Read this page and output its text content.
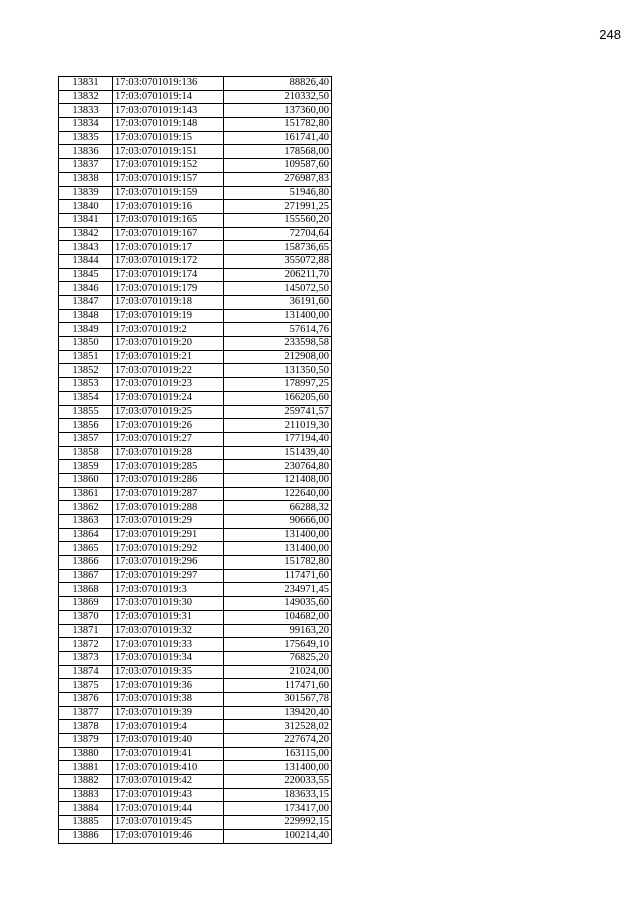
248
13831	17:03:0701019:136	88826,40
13832	17:03:0701019:14	210332,50
13833	17:03:0701019:143	137360,00
13834	17:03:0701019:148	151782,80
13835	17:03:0701019:15	161741,40
13836	17:03:0701019:151	178568,00
13837	17:03:0701019:152	109587,60
13838	17:03:0701019:157	276987,83
13839	17:03:0701019:159	51946,80
13840	17:03:0701019:16	271991,25
13841	17:03:0701019:165	155560,20
13842	17:03:0701019:167	72704,64
13843	17:03:0701019:17	158736,65
13844	17:03:0701019:172	355072,88
13845	17:03:0701019:174	206211,70
13846	17:03:0701019:179	145072,50
13847	17:03:0701019:18	36191,60
13848	17:03:0701019:19	131400,00
13849	17:03:0701019:2	57614,76
13850	17:03:0701019:20	233598,58
13851	17:03:0701019:21	212908,00
13852	17:03:0701019:22	131350,50
13853	17:03:0701019:23	178997,25
13854	17:03:0701019:24	166205,60
13855	17:03:0701019:25	259741,57
13856	17:03:0701019:26	211019,30
13857	17:03:0701019:27	177194,40
13858	17:03:0701019:28	151439,40
13859	17:03:0701019:285	230764,80
13860	17:03:0701019:286	121408,00
13861	17:03:0701019:287	122640,00
13862	17:03:0701019:288	66288,32
13863	17:03:0701019:29	90666,00
13864	17:03:0701019:291	131400,00
13865	17:03:0701019:292	131400,00
13866	17:03:0701019:296	151782,80
13867	17:03:0701019:297	117471,60
13868	17:03:0701019:3	234971,45
13869	17:03:0701019:30	149035,60
13870	17:03:0701019:31	104682,00
13871	17:03:0701019:32	99163,20
13872	17:03:0701019:33	175649,10
13873	17:03:0701019:34	76825,20
13874	17:03:0701019:35	21024,00
13875	17:03:0701019:36	117471,60
13876	17:03:0701019:38	301567,78
13877	17:03:0701019:39	139420,40
13878	17:03:0701019:4	312528,02
13879	17:03:0701019:40	227674,20
13880	17:03:0701019:41	163115,00
13881	17:03:0701019:410	131400,00
13882	17:03:0701019:42	220033,55
13883	17:03:0701019:43	183633,15
13884	17:03:0701019:44	173417,00
13885	17:03:0701019:45	229992,15
13886	17:03:0701019:46	100214,40
